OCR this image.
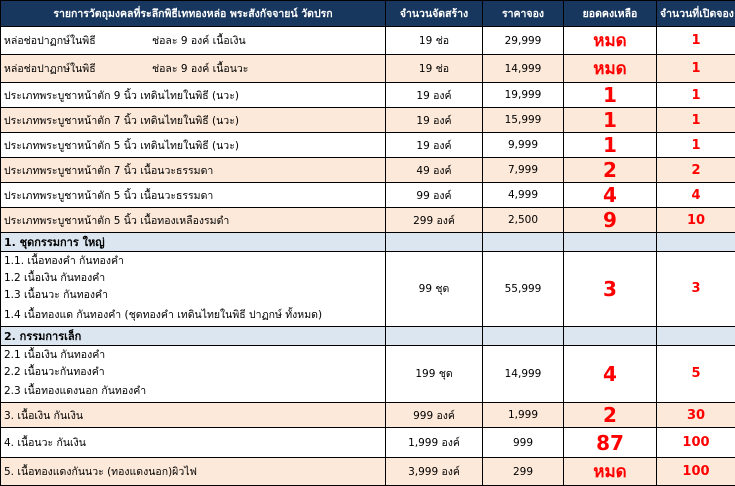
รายการวัตถุมงคลที่ระลึกพิธีเททองหล่อ พระสังกัจจายน์ วัดปรก	จำนวนจัดสร้าง	ราคาจอง	ยอดคงเหลือ	จำนวนที่เปิดจอง

หล่อช่อปาฏกษ์ในพิธี ช่อละ 9 องค์ เนื้อเงิน	19 ช่อ	29,999	หมด	1

หล่อช่อปาฏกษ์ในพิธี ช่อละ 9 องค์ เนื้อนวะ	19 ช่อ	14,999	หมด	1
ประเภทพระบูชาหน้าตัก 9 นิ้ว เทดินไทยในพิธี (นวะ)	19 องค์	19,999	1	1
ประเภทพระบูชาหน้าตัก 7 นิ้ว เทดินไทยในพิธี (นวะ)	19 องค์	15,999	1	1
ประเภทพระบูชาหน้าตัก 5 นิ้ว เทดินไทยในพิธี (นวะ)	19 องค์	9,999	1	1
ประเภทพระบูชาหน้าตัก 7 นิ้ว เนื้อนวะธรรมดา	49 องค์	7,999	2	2
ประเภทพระบูชาหน้าตัก 5 นิ้ว เนื้อนวะธรรมดา	99 องค์	4,999	4	4
ประเภทพระบูชาหน้าตัก 5 นิ้ว เนื้อทองเหลืองรมดำ	299 องค์	2,500	9	10
1. ชุดกรรมการ ใหญ่				
1.1. เนื้อทองคำ กันทองคำ	99 ชุด	55,999	3	3
1.2 เนื้อเงิน กันทองคำ				
1.3 เนื้อนวะ กันทองคำ				
1.4 เนื้อทองแด กันทองคำ (ชุดทองคำ เทดินไทยในพิธี ปาฏกษ์ ทั้งหมด)				
2. กรรมการเล็ก				
2.1 เนื้อเงิน กันทองคำ	199 ชุด	14,999	4	5
2.2 เนื้อนวะกันทองคำ				
2.3 เนื้อทองแดงนอก กันทองคำ				
3. เนื้อเงิน กันเงิน	999 องค์	1,999	2	30
4. เนื้อนวะ กันเงิน	1,999 องค์	999	87	100
5. เนื้อทองแดงกันนวะ (ทองแดงนอก)ผิวไฟ	3,999 องค์	299	หมด	100
